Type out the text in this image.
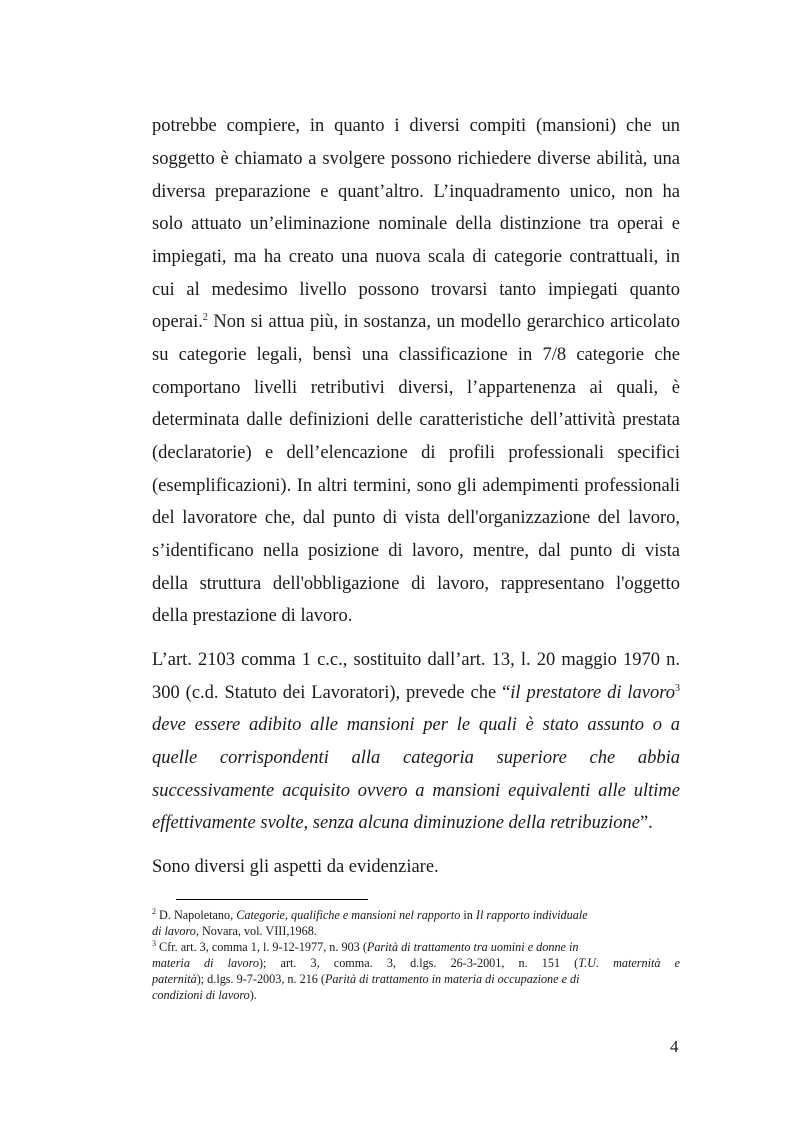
potrebbe compiere, in quanto i diversi compiti (mansioni) che un
soggetto è chiamato a svolgere possono richiedere diverse abilità, una
diversa preparazione e quant’altro. L’inquadramento unico, non ha
solo attuato un’eliminazione nominale della distinzione tra operai e
impiegati, ma ha creato una nuova scala di categorie contrattuali, in
cui al medesimo livello possono trovarsi tanto impiegati quanto
operai.$^2$ Non si attua più, in sostanza, un modello gerarchico articolato
su categorie legali, bensì una classificazione in 7/8 categorie che
comportano livelli retributivi diversi, l’appartenenza ai quali, è
determinata dalle definizioni delle caratteristiche dell’attività prestata
(declaratorie) e dell’elencazione di profili professionali specifici
(esemplificazioni). In altri termini, sono gli adempimenti professionali
del lavoratore che, dal punto di vista dell'organizzazione del lavoro,
s’identificano nella posizione di lavoro, mentre, dal punto di vista
della struttura dell'obbligazione di lavoro, rappresentano l'oggetto
della prestazione di lavoro.
L’art. 2103 comma 1 c.c., sostituito dall’art. 13, l. 20 maggio 1970 n.
300 (c.d. Statuto dei Lavoratori), prevede che “il prestatore di lavoro$^3$
deve essere adibito alle mansioni per le quali è stato assunto o a
quelle corrispondenti alla categoria superiore che abbia
successivamente acquisito ovvero a mansioni equivalenti alle ultime
effettivamente svolte, senza alcuna diminuzione della retribuzione”.
Sono diversi gli aspetti da evidenziare.
$^2$ D. Napoletano, Categorie, qualifiche e mansioni nel rapporto in Il rapporto individuale
di lavoro, Novara, vol. VIII,1968.
$^3$ Cfr. art. 3, comma 1, l. 9-12-1977, n. 903 (Parità di trattamento tra uomini e donne in
materia di lavoro); art. 3, comma. 3, d.lgs. 26-3-2001, n. 151 (T.U. maternità e
paternità); d.lgs. 9-7-2003, n. 216 (Parità di trattamento in materia di occupazione e di
condizioni di lavoro).
4
